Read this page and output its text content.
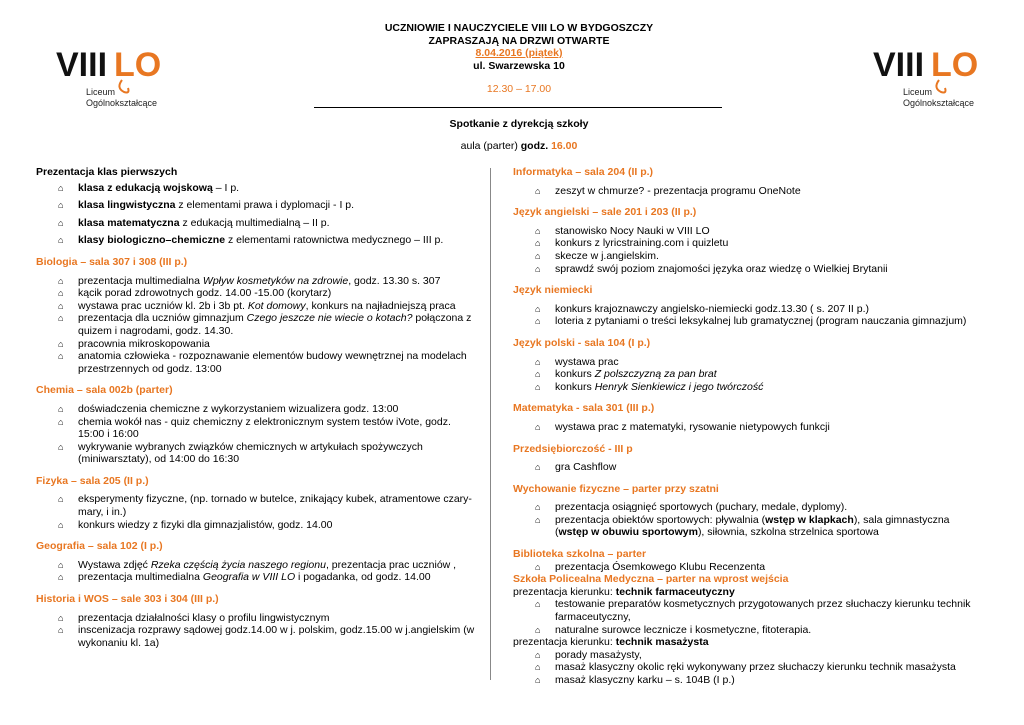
VIII LO
Liceum
Ogólnokształcące
VIII LO
Liceum
Ogólnokształcące
UCZNIOWIE I NAUCZYCIELE VIII LO W BYDGOSZCZY
ZAPRASZAJĄ NA DRZWI OTWARTE
8.04.2016 (piątek)
ul. Swarzewska 10
12.30 – 17.00
Spotkanie z dyrekcją szkoły
aula (parter) godz. 16.00
Prezentacja klas pierwszych
⌂ klasa z edukacją wojskową – I p.
⌂ klasa lingwistyczna z elementami prawa i dyplomacji - I p.
⌂ klasa matematyczna z edukacją multimedialną – II p.
⌂ klasy biologiczno–chemiczne z elementami ratownictwa medycznego – III p.
Biologia – sala 307 i 308 (III p.)
⌂ prezentacja multimedialna Wpływ kosmetyków na zdrowie, godz. 13.30 s. 307
⌂ kącik porad zdrowotnych godz. 14.00 -15.00 (korytarz)
⌂ wystawa prac uczniów kl. 2b i 3b pt. Kot domowy, konkurs na najładniejszą praca
⌂ prezentacja dla uczniów gimnazjum Czego jeszcze nie wiecie o kotach? połączona z quizem i nagrodami, godz. 14.30.
⌂ pracownia mikroskopowania
⌂ anatomia człowieka - rozpoznawanie elementów budowy wewnętrznej na modelach przestrzennych od godz. 13:00
Chemia – sala 002b (parter)
⌂ doświadczenia chemiczne z wykorzystaniem wizualizera godz. 13:00
⌂ chemia wokół nas - quiz chemiczny z elektronicznym system testów iVote, godz. 15:00 i 16:00
⌂ wykrywanie wybranych związków chemicznych w artykułach spożywczych (miniwarsztaty), od 14:00 do 16:30
Fizyka – sala 205 (II p.)
⌂ eksperymenty fizyczne, (np. tornado w butelce, znikający kubek, atramentowe czary-mary, i in.)
⌂ konkurs wiedzy z fizyki dla gimnazjalistów, godz. 14.00
Geografia – sala 102 (I p.)
⌂ Wystawa zdjęć Rzeka częścią życia naszego regionu, prezentacja prac uczniów ,
⌂ prezentacja multimedialna Geografia w VIII LO i pogadanka, od godz. 14.00
Historia i WOS – sale 303 i 304 (III p.)
⌂ prezentacja działalności klasy o profilu lingwistycznym
⌂ inscenizacja rozprawy sądowej godz.14.00 w j. polskim, godz.15.00 w j.angielskim (w wykonaniu kl. 1a)
Informatyka – sala 204 (II p.)
⌂ zeszyt w chmurze? - prezentacja programu OneNote
Język angielski – sale 201 i 203 (II p.)
⌂ stanowisko Nocy Nauki w VIII LO
⌂ konkurs z lyricstraining.com i quizletu
⌂ skecze w j.angielskim.
⌂ sprawdź swój poziom znajomości języka oraz wiedzę o Wielkiej Brytanii
Język niemiecki
⌂ konkurs krajoznawczy angielsko-niemiecki godz.13.30 ( s. 207 II p.)
⌂ loteria z pytaniami o treści leksykalnej lub gramatycznej (program nauczania gimnazjum)
Język polski - sala 104 (I p.)
⌂ wystawa prac
⌂ konkurs Z polszczyzną za pan brat
⌂ konkurs Henryk Sienkiewicz i jego twórczość
Matematyka - sala 301 (III p.)
⌂ wystawa prac z matematyki, rysowanie nietypowych funkcji
Przedsiębiorczość - III p
⌂ gra Cashflow
Wychowanie fizyczne – parter przy szatni
⌂ prezentacja osiągnięć sportowych (puchary, medale, dyplomy).
⌂ prezentacja obiektów sportowych: pływalnia (wstęp w klapkach), sala gimnastyczna (wstęp w obuwiu sportowym), siłownia, szkolna strzelnica sportowa
Biblioteka szkolna – parter
⌂ prezentacja Ósemkowego Klubu Recenzenta
Szkoła Policealna Medyczna – parter na wprost wejścia
prezentacja kierunku: technik farmaceutyczny
⌂ testowanie preparatów kosmetycznych przygotowanych przez słuchaczy kierunku technik farmaceutyczny,
⌂ naturalne surowce lecznicze i kosmetyczne, fitoterapia.
prezentacja kierunku: technik masażysta
⌂ porady masażysty,
⌂ masaż klasyczny okolic ręki wykonywany przez słuchaczy kierunku technik masażysta
⌂ masaż klasyczny karku – s. 104B (I p.)
